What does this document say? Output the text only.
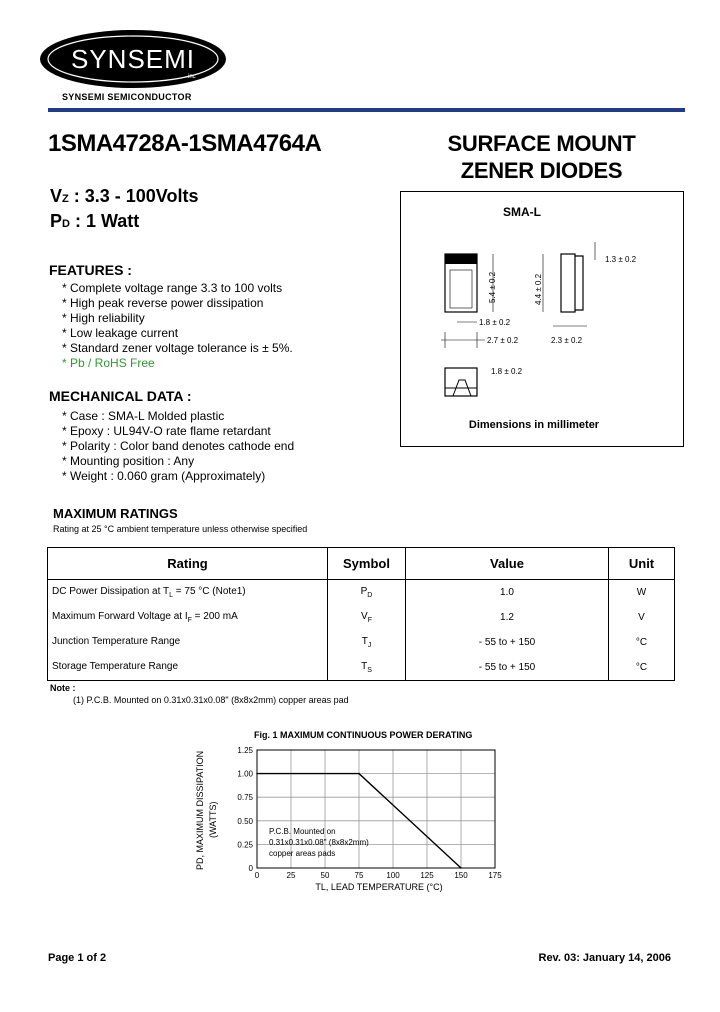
SYNSEMI
inc
SYNSEMI SEMICONDUCTOR
1SMA4728A-1SMA4764A	SURFACE MOUNT
ZENER DIODES
VZ : 3.3 - 100Volts
PD : 1 Watt
FEATURES :
* Complete voltage range 3.3 to 100 volts
* High peak reverse power dissipation
* High reliability
* Low leakage current
* Standard zener voltage tolerance is ± 5%.
* Pb / RoHS Free
MECHANICAL DATA :
* Case : SMA-L Molded plastic
* Epoxy : UL94V-O rate flame retardant
* Polarity : Color band denotes cathode end
* Mounting position : Any
* Weight : 0.060 gram (Approximately)
SMA-L
5.4 ± 0.2
1.8 ± 0.2
2.7 ± 0.2
4.4 ± 0.2
1.3 ± 0.2
2.3 ± 0.2
1.8 ± 0.2
Dimensions in millimeter
MAXIMUM RATINGS
Rating at 25 °C ambient temperature unless otherwise specified
Rating	Symbol	Value	Unit
DC Power Dissipation at $T_L = 75$ °C (Note1)	$P_D$	1.0	W
Maximum Forward Voltage at $I_F = 200$ mA	$V_F$	1.2	V
Junction Temperature Range	$T_J$	- 55 to + 150	°C
Storage Temperature Range	$T_S$	- 55 to + 150	°C
Note :
(1) P.C.B. Mounted on 0.31x0.31x0.08" (8x8x2mm) copper areas pad
Fig. 1 MAXIMUM CONTINUOUS POWER DERATING
0	25	50	75	100	125	150	175
0
0.25
0.50
0.75
1.00
1.25
PD, MAXIMUM DISSIPATION (WATTS)
TL, LEAD TEMPERATURE (°C)
P.C.B. Mounted on
0.31x0.31x0.08" (8x8x2mm)
copper areas pads
Page 1 of 2	Rev. 03: January 14, 2006
